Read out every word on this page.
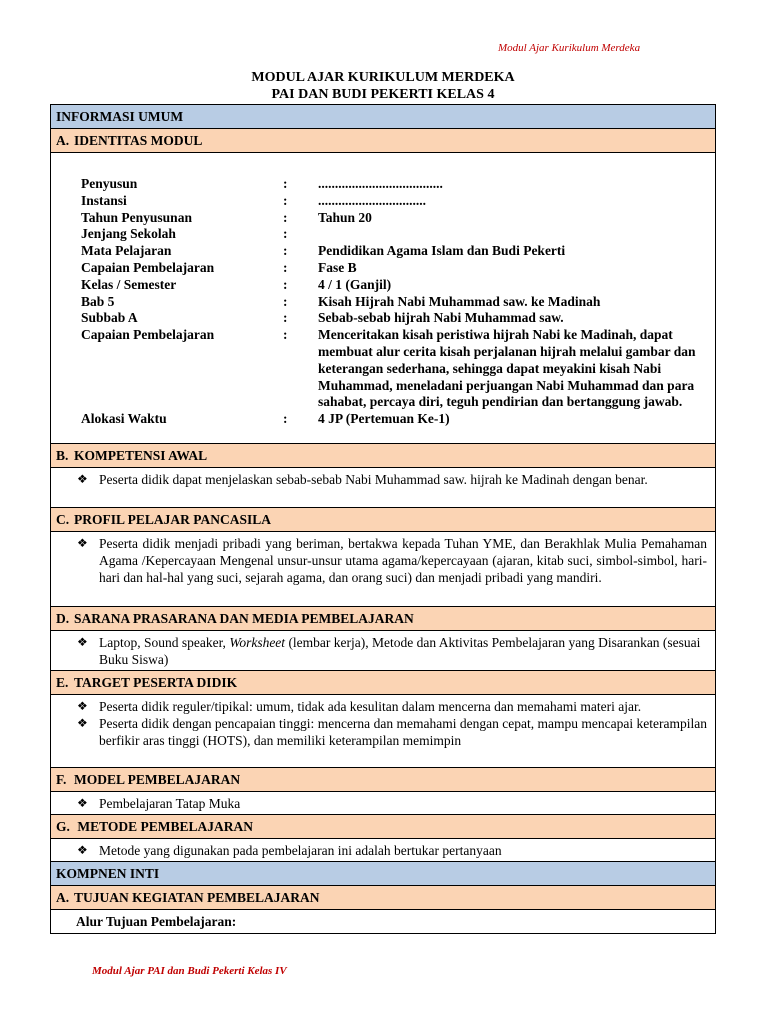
Modul Ajar Kurikulum Merdeka
MODUL AJAR KURIKULUM MERDEKA
PAI DAN BUDI PEKERTI KELAS 4
INFORMASI UMUM
A. IDENTITAS MODUL
Penyusun	:	.....................................
Instansi	:	................................
Tahun Penyusunan	:	Tahun 20
Jenjang Sekolah	:	
Mata Pelajaran	:	Pendidikan Agama Islam dan Budi Pekerti
Capaian Pembelajaran	:	Fase B
Kelas / Semester	:	4 / 1 (Ganjil)
Bab 5	:	Kisah Hijrah Nabi Muhammad saw. ke Madinah
Subbab A	:	Sebab-sebab hijrah Nabi Muhammad saw.
Capaian Pembelajaran	:	Menceritakan kisah peristiwa hijrah Nabi ke Madinah, dapat membuat alur cerita kisah perjalanan hijrah melalui gambar dan keterangan sederhana, sehingga dapat meyakini kisah Nabi Muhammad, meneladani perjuangan Nabi Muhammad dan para sahabat, percaya diri, teguh pendirian dan bertanggung jawab.
Alokasi Waktu	:	4 JP (Pertemuan Ke-1)
B. KOMPETENSI AWAL
❖ Peserta didik dapat menjelaskan sebab-sebab Nabi Muhammad saw. hijrah ke Madinah dengan benar.
C. PROFIL PELAJAR PANCASILA
❖ Peserta didik menjadi pribadi yang beriman, bertakwa kepada Tuhan YME, dan Berakhlak Mulia Pemahaman Agama /Kepercayaan Mengenal unsur-unsur utama agama/kepercayaan (ajaran, kitab suci, simbol-simbol, hari-hari dan hal-hal yang suci, sejarah agama, dan orang suci) dan menjadi pribadi yang mandiri.
D. SARANA PRASARANA DAN MEDIA PEMBELAJARAN
❖ Laptop, Sound speaker, Worksheet (lembar kerja), Metode dan Aktivitas Pembelajaran yang Disarankan (sesuai Buku Siswa)
E. TARGET PESERTA DIDIK
❖ Peserta didik reguler/tipikal: umum, tidak ada kesulitan dalam mencerna dan memahami materi ajar.
❖ Peserta didik dengan pencapaian tinggi: mencerna dan memahami dengan cepat, mampu mencapai keterampilan berfikir aras tinggi (HOTS), dan memiliki keterampilan memimpin
F. MODEL PEMBELAJARAN
❖ Pembelajaran Tatap Muka
G. METODE PEMBELAJARAN
❖ Metode yang digunakan pada pembelajaran ini adalah bertukar pertanyaan
KOMPNEN INTI
A. TUJUAN KEGIATAN PEMBELAJARAN
Alur Tujuan Pembelajaran:
Modul Ajar PAI dan Budi Pekerti Kelas IV
